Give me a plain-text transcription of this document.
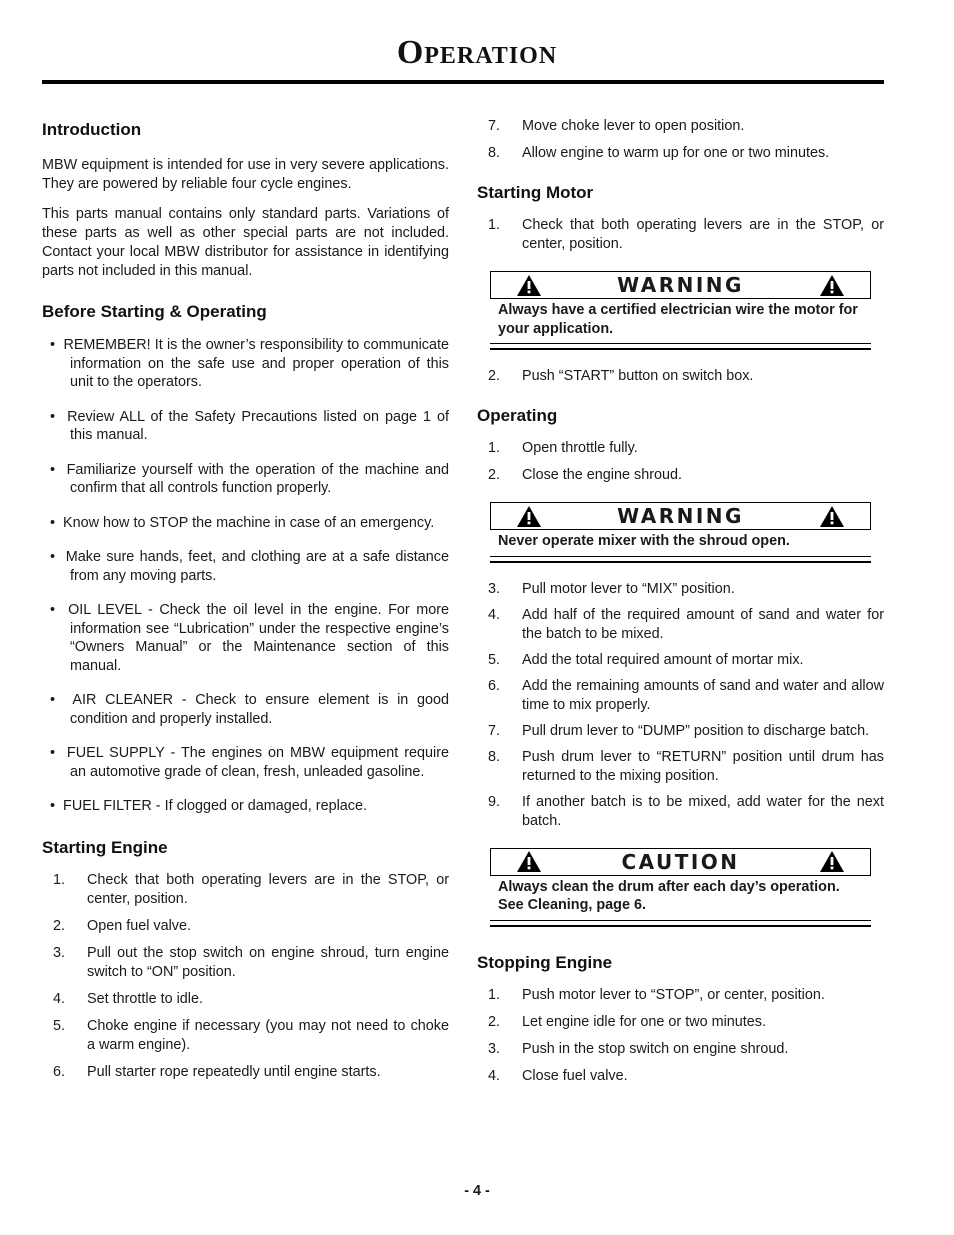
Operation
Introduction

MBW equipment is intended for use in very severe applications. They are powered by reliable four cycle engines.

This parts manual contains only standard parts. Variations of these parts as well as other special parts are not included. Contact your local MBW distributor for assistance in identifying parts not included in this manual.

Before Starting & Operating
•  REMEMBER! It is the owner’s responsibility to communicate information on the safe use and proper operation of this unit to the operators.
•  Review ALL of the Safety Precautions listed on page 1 of this manual.
•  Familiarize yourself with the operation of the machine and confirm that all controls function properly.
•  Know how to STOP the machine in case of an emergency.
•  Make sure hands, feet, and clothing are at a safe distance from any moving parts.
•  OIL LEVEL - Check the oil level in the engine. For more information see “Lubrication” under the respective engine’s “Owners Manual” or the Maintenance section of this manual.
•  AIR CLEANER - Check to ensure element is in good condition and properly installed.
•  FUEL SUPPLY - The engines on MBW equipment require an automotive grade of clean, fresh, unleaded gasoline.
•  FUEL FILTER - If clogged or damaged, replace.
Starting Engine
1.	Check that both operating levers are in the STOP, or center, position.
2.	Open fuel valve.
3.	Pull out the stop switch on engine shroud, turn engine switch to “ON” position.
4.	Set throttle to idle.
5.	Choke engine if necessary (you may not need to choke a warm engine).
6.	Pull starter rope repeatedly until engine starts.
7.	Move choke lever to open position.
8.	Allow engine to warm up for one or two minutes.
Starting Motor
1.	Check that both operating levers are in the STOP, or center, position.
WARNING
Always have a certified electrician wire the motor for your application.
2.	Push “START” button on switch box.
Operating
1.	Open throttle fully.
2.	Close the engine shroud.
WARNING
Never operate mixer with the shroud open.
3.	Pull motor lever to “MIX” position.
4.	Add half of the required amount of sand and water for the batch to be mixed.
5.	Add the total required amount of mortar mix.
6.	Add the remaining amounts of sand and water and allow time to mix properly.
7.	Pull drum lever to “DUMP” position to discharge batch.
8.	Push drum lever to “RETURN” position until drum has returned to the mixing position.
9.	If another batch is to be mixed, add water for the next batch.
CAUTION
Always clean the drum after each day’s operation. See Cleaning, page 6.
Stopping Engine
1.	Push motor lever to “STOP”, or center, position.
2.	Let engine idle for one or two minutes.
3.	Push in the stop switch on engine shroud.
4.	Close fuel valve.
- 4 -
